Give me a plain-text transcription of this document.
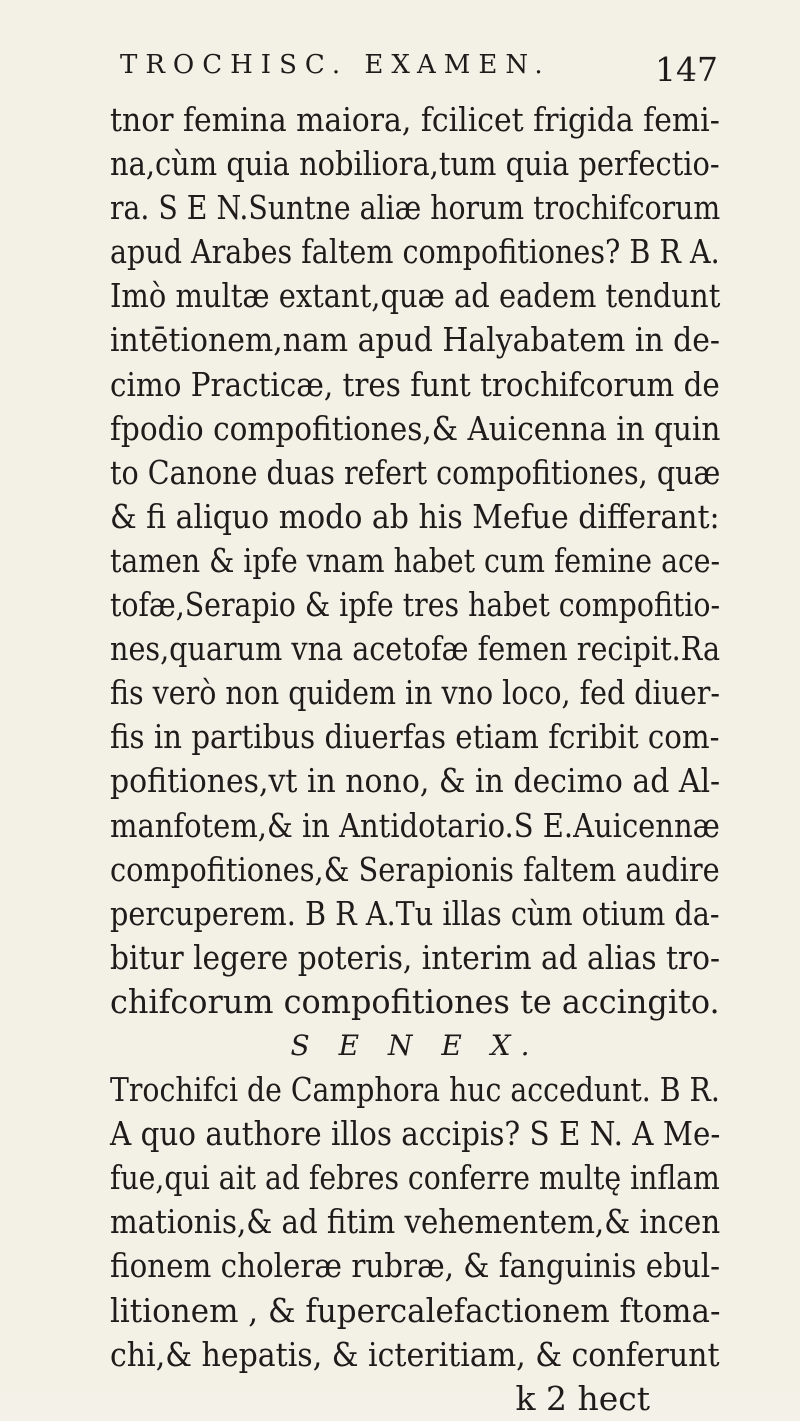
TROCHISC. EXAMEN.	147
tnor femina maiora, fcilicet frigida femi-
na,cùm quia nobiliora,tum quia perfectio-
ra. S E N.Suntne aliæ horum trochifcorum
apud Arabes faltem compofitiones? B R A.
Imò multæ extant,quæ ad eadem tendunt
intētionem,nam apud Halyabatem in de-
cimo Practicæ, tres funt trochifcorum de
fpodio compofitiones,& Auicenna in quin
to Canone duas refert compofitiones, quæ
& fi aliquo modo ab his Mefue differant:
tamen & ipfe vnam habet cum femine ace-
tofæ,Serapio & ipfe tres habet compofitio-
nes,quarum vna acetofæ femen recipit.Ra
fis verò non quidem in vno loco, fed diuer-
fis in partibus diuerfas etiam fcribit com-
pofitiones,vt in nono, & in decimo ad Al-
manfotem,& in Antidotario.S E.Auicennæ
compofitiones,& Serapionis faltem audire
percuperem. B R A.Tu illas cùm otium da-
bitur legere poteris, interim ad alias tro-
chifcorum compofitiones te accingito.
S E N E X.
Trochifci de Camphora huc accedunt. B R.
A quo authore illos accipis? S E N. A Me-
fue,qui ait ad febres conferre multę inflam
mationis,& ad fitim vehementem,& incen
fionem choleræ rubræ, & fanguinis ebul-
litionem , & fupercalefactionem ftoma-
chi,& hepatis, & icteritiam, & conferunt
k 2 hect
